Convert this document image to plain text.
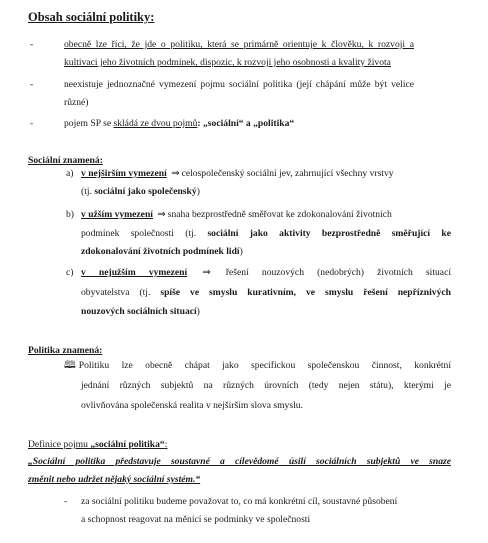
Obsah sociální politiky:
-	obecně lze říci, že jde o politiku, která se primárně orientuje k člověku, k rozvoji a
kultivaci jeho životních podmínek, dispozic, k rozvoji jeho osobnosti a kvality života
-	neexistuje jednoznačné vymezení pojmu sociální politika (její chápání může být velice
různé)
-	pojem SP se skládá ze dvou pojmů: „sociální“ a „politika“
Sociální znamená:
a) v nejširším vymezení ⇒ celospolečenský sociální jev, zahrnující všechny vrstvy
(tj. sociální jako společenský)
b) v užším vymezení ⇒ snaha bezprostředně směřovat ke zdokonalování životních
podmínek společnosti (tj. sociální jako aktivity bezprostředně směřující ke
zdokonalování životních podmínek lidí)
c) v nejužším vymezení ⇒ řešení nouzových (nedobrých) životních situací
obyvatelstva (tj. spíše ve smyslu kurativním, ve smyslu řešení nepříznivých
nouzových sociálních situací)
Politika znamená:
🕮 Politiku lze obecně chápat jako specifickou společenskou činnost, konkrétní
jednání různých subjektů na různých úrovních (tedy nejen státu), kterými je
ovlivňována společenská realita v nejširším slova smyslu.
Definice pojmu „sociální politika“:
„Sociální politika představuje soustavné a cílevědomé úsilí sociálních subjektů ve snaze
změnit nebo udržet nějaký sociální systém.“
- za sociální politiku budeme považovat to, co má konkrétní cíl, soustavné působení
a schopnost reagovat na měnící se podmínky ve společnosti
